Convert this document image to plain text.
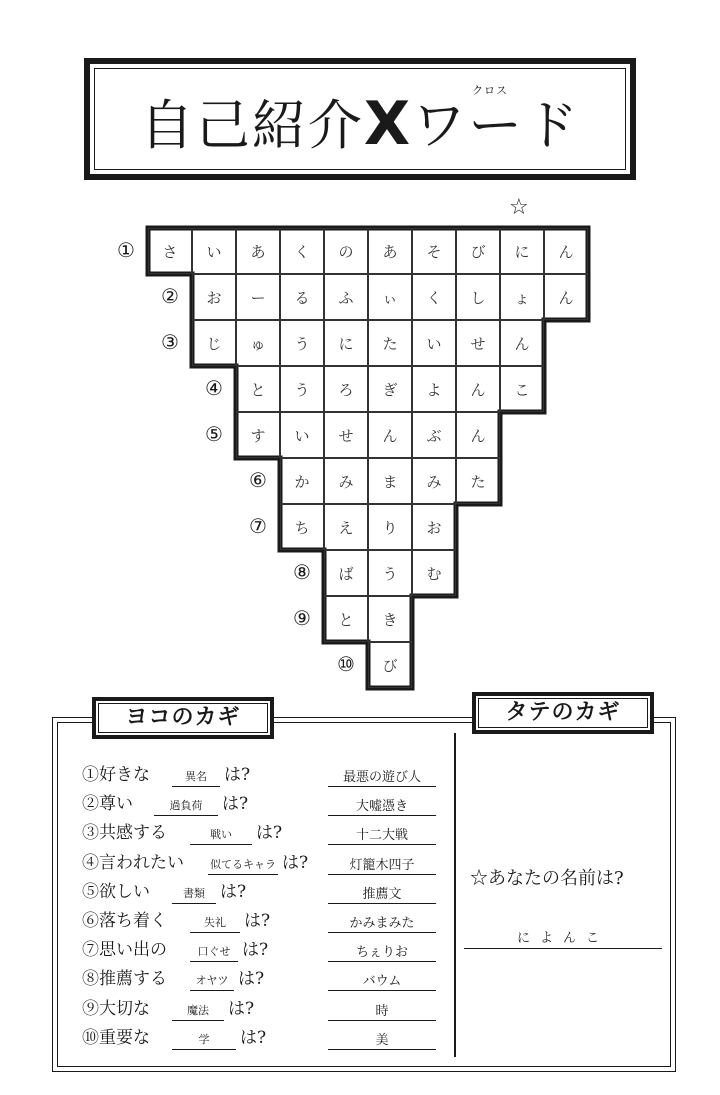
クロス
自己紹介Xワード
☆
①	さ	い	あ	く	の	あ	そ	び	に	ん
②	お	ー	る	ふ	ぃ	く	し	ょ	ん
③	じ	ゅ	う	に	た	い	せ	ん
④	と	う	ろ	ぎ	よ	ん	こ
⑤	す	い	せ	ん	ぶ	ん
⑥	か	み	ま	み	た
⑦	ち	え	り	お
⑧	ば	う	む
⑨	と	き
⑩	び
ヨコのカギ	タテのカギ
①好きな	異名	は?	最悪の遊び人
②尊い	過負荷	は?	大嘘憑き
③共感する	戦い	は?	十二大戦
④言われたい 似てるキャラ は?	灯籠木四子
⑤欲しい	書類 は?	推薦文
⑥落ち着く	失礼	は?	かみまみた
⑦思い出の	口ぐせ は?	ちぇりお
⑧推薦する	オヤツ は?	バウム
⑨大切な	魔法	は?	時
⑩重要な	学	は?	美
☆あなたの名前は?
によんこ
